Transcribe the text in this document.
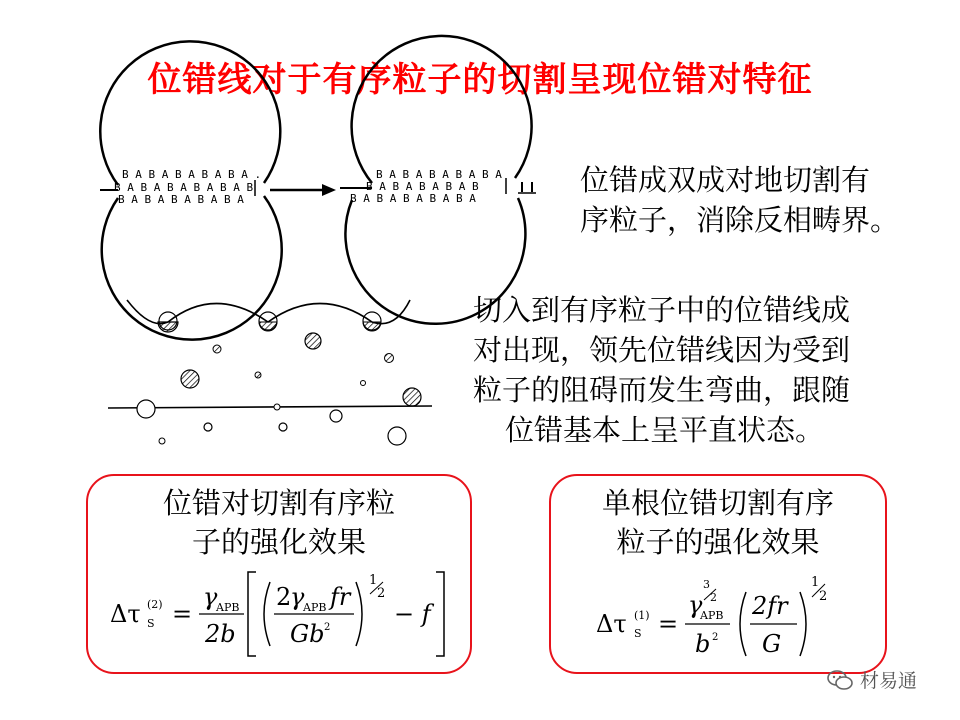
位错线对于有序粒子的切割呈现位错对特征
B A B A B A B A B A .
B A B A B A B A B A B
B A B A B A B A B A
B A B A B A B A B A
B A B A B A B A B
B A B A B A B A B A
位错成双成对地切割有
序粒子，消除反相畴界。
切入到有序粒子中的位错线成
对出现，领先位错线因为受到
粒子的阻碍而发生弯曲，跟随
位错基本上呈平直状态。
位错对切割有序粒
子的强化效果
Δτ (2)
S =
γ
APB
2b
2
γ
APB fr
Gb 2
1
2
− f
单根位错切割有序
粒子的强化效果
Δτ (1)
S =
3
2
γ
APB
b 2
2fr
G
1
2
材易通
